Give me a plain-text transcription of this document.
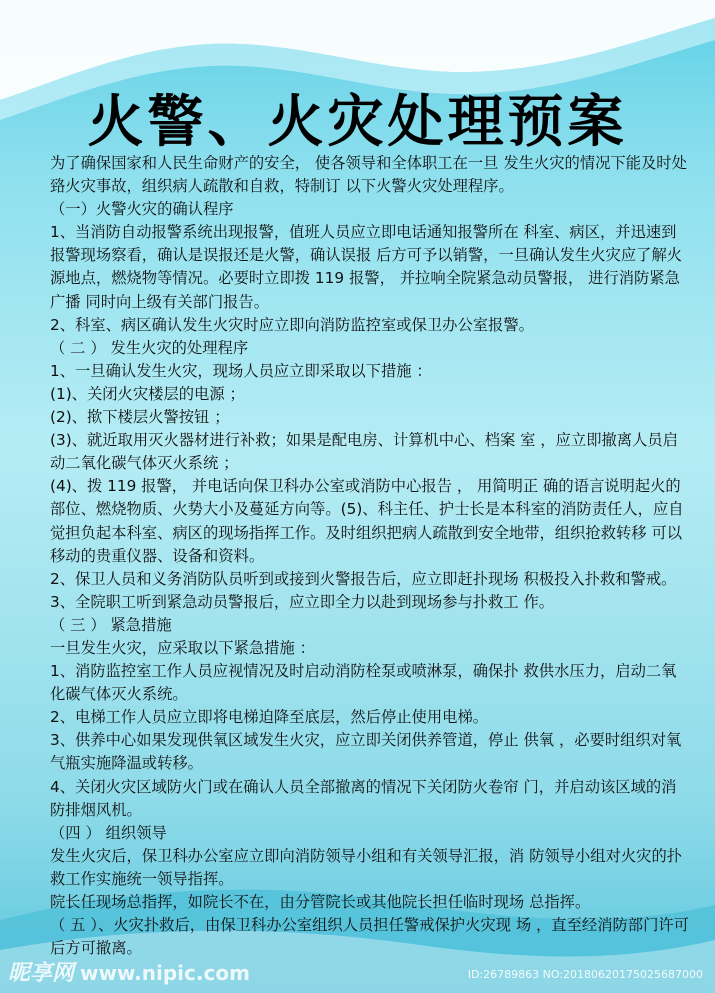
火警、火灾处理预案

为了确保国家和人民生命财产的安全， 使各领导和全体职工在一旦 发生火灾的情况下能及时处臵火灾事故，组织病人疏散和自救，特制订 以下火警火灾处理程序。

（一）火警火灾的确认程序

1、当消防自动报警系统出现报警，值班人员应立即电话通知报警所在 科室、病区，并迅速到报警现场察看，确认是误报还是火警，确认误报 后方可予以销警，一旦确认发生火灾应了解火源地点，燃烧物等情况。必要时立即拨 119 报警， 并拉响全院紧急动员警报， 进行消防紧急广播 同时向上级有关部门报告。

2、科室、病区确认发生火灾时应立即向消防监控室或保卫办公室报警。

（ 二 ） 发生火灾的处理程序

1、一旦确认发生火灾，现场人员应立即采取以下措施 ：

(1)、关闭火灾楼层的电源 ；

(2)、揿下楼层火警按钮 ；

(3)、就近取用灭火器材进行补救；如果是配电房、计算机中心、档案 室 ，应立即撤离人员启动二氧化碳气体灭火系统 ；

(4)、拨 119 报警， 并电话向保卫科办公室或消防中心报告 ， 用简明正 确的语言说明起火的部位、燃烧物质、火势大小及蔓延方向等。(5)、科主任、护士长是本科室的消防责任人，应自觉担负起本科室、病区的现场指挥工作。及时组织把病人疏散到安全地带，组织抢救转移 可以移动的贵重仪器、设备和资料。

2、保卫人员和义务消防队员听到或接到火警报告后，应立即赶扑现场 积极投入扑救和警戒。

3、全院职工听到紧急动员警报后，应立即全力以赴到现场参与扑救工 作。

（ 三 ） 紧急措施

一旦发生火灾，应采取以下紧急措施 ：

1、消防监控室工作人员应视情况及时启动消防栓泵或喷淋泵，确保扑 救供水压力，启动二氧化碳气体灭火系统。

2、电梯工作人员应立即将电梯迫降至底层，然后停止使用电梯。

3、供养中心如果发现供氧区域发生火灾，应立即关闭供养管道，停止 供氧 ，必要时组织对氧气瓶实施降温或转移。

4、关闭火灾区域防火门或在确认人员全部撤离的情况下关闭防火卷帘 门，并启动该区域的消防排烟风机。

（四 ） 组织领导

发生火灾后，保卫科办公室应立即向消防领导小组和有关领导汇报，消 防领导小组对火灾的扑救工作实施统一领导指挥。

院长任现场总指挥，如院长不在，由分管院长或其他院长担任临时现场 总指挥。

（ 五 ）、火灾扑救后，由保卫科办公室组织人员担任警戒保护火灾现 场 ，直至经消防部门许可后方可撤离。

昵享网 www.nipic.com	ID:26789863 NO:20180620175025687000
